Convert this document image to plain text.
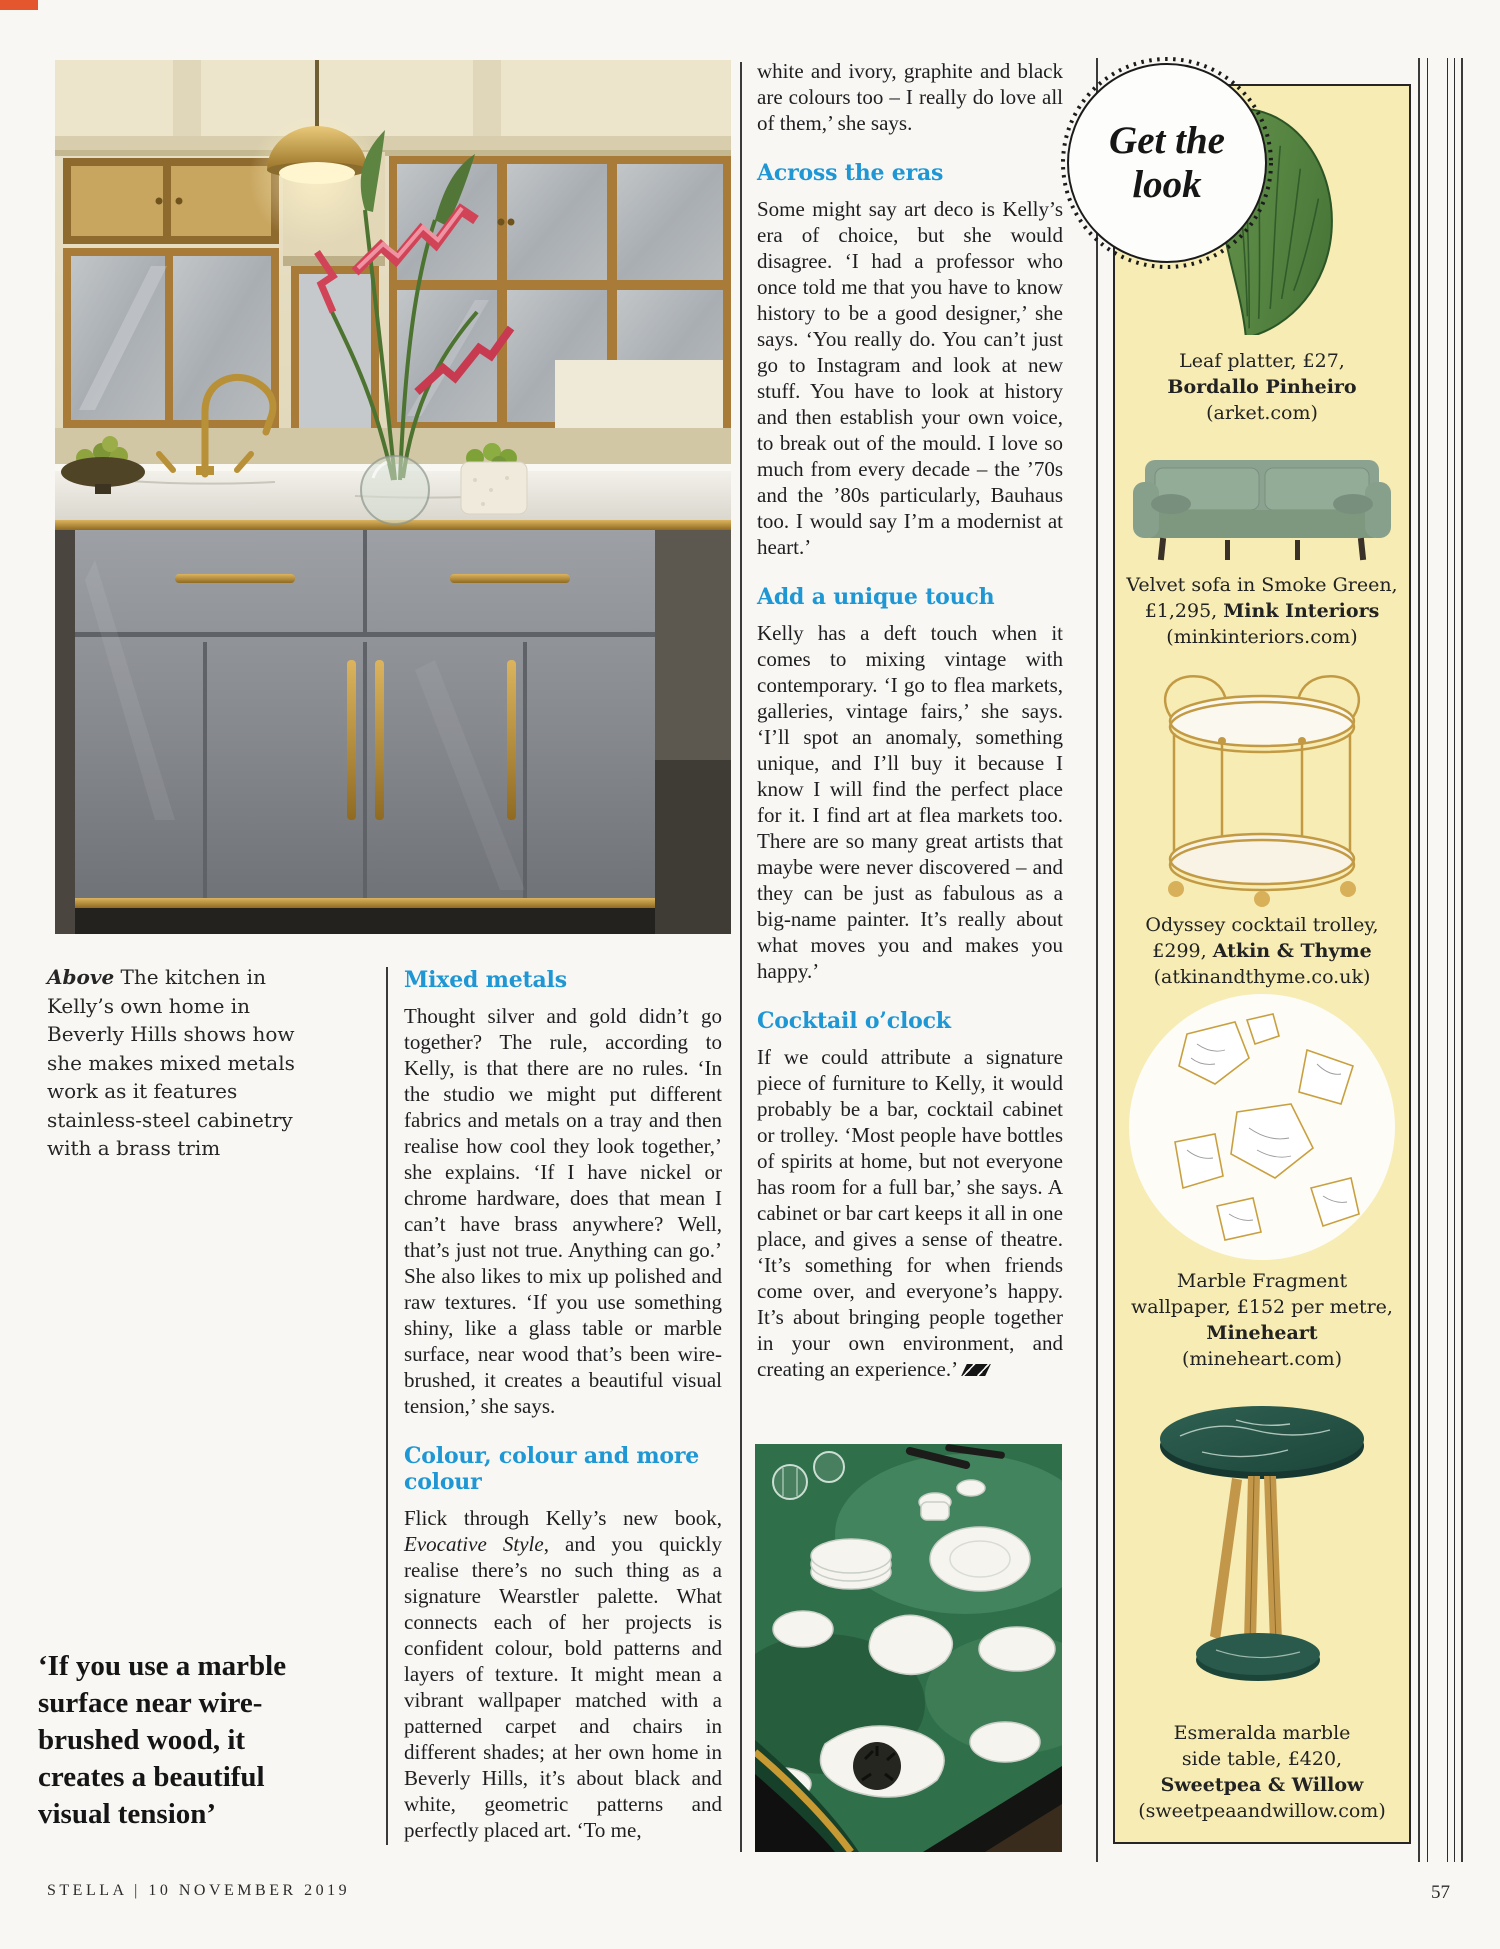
Above The kitchen in Kelly’s own home in Beverly Hills shows how she makes mixed metals work as it features stainless-steel cabinetry with a brass trim

‘If you use a marble surface near wire-brushed wood, it creates a beautiful visual tension’

Mixed metals

Thought silver and gold didn’t go together? The rule, according to Kelly, is that there are no rules. ‘In the studio we might put different fabrics and metals on a tray and then realise how cool they look together,’ she explains. ‘If I have nickel or chrome hardware, does that mean I can’t have brass anywhere? Well, that’s just not true. Anything can go.’ She also likes to mix up polished and raw textures. ‘If you use something shiny, like a glass table or marble surface, near wood that’s been wire-brushed, it creates a beautiful visual tension,’ she says.

Colour, colour and more colour

Flick through Kelly’s new book, Evocative Style, and you quickly realise there’s no such thing as a signature Wearstler palette. What connects each of her projects is confident colour, bold patterns and layers of texture. It might mean a vibrant wallpaper matched with a patterned carpet and chairs in different shades; at her own home in Beverly Hills, it’s about black and white, geometric patterns and perfectly placed art. ‘To me,

white and ivory, graphite and black are colours too – I really do love all of them,’ she says.

Across the eras

Some might say art deco is Kelly’s era of choice, but she would disagree. ‘I had a professor who once told me that you have to know history to be a good designer,’ she says. ‘You really do. You can’t just go to Instagram and look at new stuff. You have to look at history and then establish your own voice, to break out of the mould. I love so much from every decade – the ’70s and the ’80s particularly, Bauhaus too. I would say I’m a modernist at heart.’

Add a unique touch

Kelly has a deft touch when it comes to mixing vintage with contemporary. ‘I go to flea markets, galleries, vintage fairs,’ she says. ‘I’ll spot an anomaly, something unique, and I’ll buy it because I know I will find the perfect place for it. I find art at flea markets too. There are so many great artists that maybe were never discovered – and they can be just as fabulous as a big-name painter. It’s really about what moves you and makes you happy.’

Cocktail o’clock

If we could attribute a signature piece of furniture to Kelly, it would probably be a bar, cocktail cabinet or trolley. ‘Most people have bottles of spirits at home, but not everyone has room for a full bar,’ she says. A cabinet or bar cart keeps it all in one place, and gives a sense of theatre. ‘It’s something for when friends come over, and everyone’s happy. It’s about bringing people together in your own environment, and creating an experience.’

Leaf platter, £27,
Bordallo Pinheiro
(arket.com)
Velvet sofa in Smoke Green,
£1,295, Mink Interiors
(minkinteriors.com)
Odyssey cocktail trolley,
£299, Atkin & Thyme
(atkinandthyme.co.uk)
Marble Fragment
wallpaper, £152 per metre,
Mineheart
(mineheart.com)
Esmeralda marble
side table, £420,
Sweetpea & Willow
(sweetpeaandwillow.com)
Get the
look
STELLA | 10 NOVEMBER 2019	57
